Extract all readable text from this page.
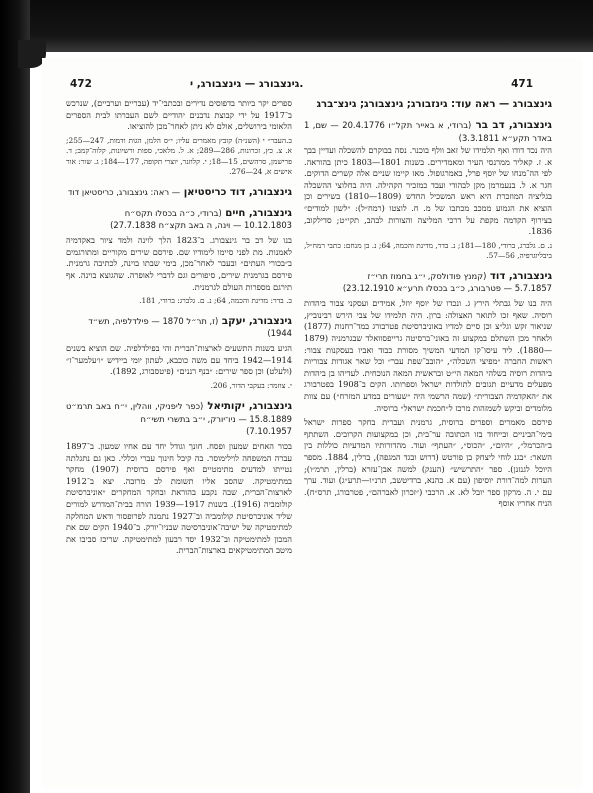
472	גינצבורג — גינצבורג, י.	471
גינצבורג — ראה עוד: גינזבורג; גינצבורג; גינצ־ברג
גינצבורג, דב בר (ברודי, א באייר תקל״ו 20.4.1776 — שם, 1 באדר תקע״א 3.3.1811)

היה נכד דודו ואף תלמידו של זאב וולף בוכנר. נסה בבוקרם להשכלה ועדיין בבך א. ז. קאליר ממרנסי העיר ומאמדירים. בשנות 1801—1803 כיתן בהוראה. לפי הה־מנחו של יוסף פרל, באמרגופול. מאז קיימו שניים אלה קשרים הדוקים. חגר א. ל. בנעמרמן מקן לבהודי ועבד כמזכיר הקהילה. היה בחלוצי ההשכלה בגליציה המוזכרת היא ראש המשכיל החדש (1809—1810) בשירים וכן הוציא את הגמוע ממכב מכתבו של מ. ח. לוצטו (רמח״ל): ״לשון למודים״ בצירוף הקדמה מקפת על דרכי המליצה והצורות לבהב, תקי״ט; סדילקוב, 1836.

נ. ם. גלברג, ברודי, 180—181; נ. בדר, מדינת והכמה, 64; נ. בן מנחם: כתבי רמח״ל, ביבליוגרפיה, 56—57.
גינצבורג, דוד (קמנץ פודולסק, י״ג בחמוז תרי״ז
5.7.1857 — פטרבורג, כ״ב בכסלו תרע״א 23.12.1910)

היה בנו של גבתלי הירץ ג. ונכדו של יוסף יוזל, אמידים ועסקני צבור ביהדות רוסיה. שאף זכו לתואר האצולה: ברון. היה תלמידו של צבי הירש רבינוביץ, שניאור זקש וגל״צ וכן סיים למדיו באוניברסיטת פטרבורג במד־רחנות (1877) ולאחר מכן השתלם במקצוע זה באוני־ברסיטה גרייפסוואלד שבגרמניה (1879—1880). ליד עיסו־קו המדעי המשיך מסורת כבוד ואביו בעסקנות צבור: ראשות החברה ״מפיצי השכלה״, ״הובב־שפת עבר״ וכל שאר אגודות צבוריות ביהדות רוסיה בשלהי המאה הי״ט ובראשית המאה הנוכחית. לעדיהו בן ביהדות מפעלים מדעיים תגובים לתולדות ישראל וספרותו. הקים ב־1908 בפטרבורג את ״האקדמיה הצבורית״ (שמה הרשמי היה ״שעורים במדע המזרח״) עם צוות מלומדים וביקש לשמזהות מרכז ל״חכמת ישראל״ ברוסיה.

פירסם מאמרים וספרים ברוסית, גרמנית ועברית בחקר ספרות ישראל בימי־הביניים ובייחוד בזו הכתובה ער־בית, וכן במקצועות הקרובים. השתתף ב״הכרמל״, ״היום״, ״הכוס״, ״העתף״ ועוד. מהדורותיו המדעיות כוללות בין השאר: ״בגנ לוחי ליצחק בן פורטש (דרוש ובגד המגפה), ברלין, 1884. מספר היוכל לגנזנן). ספר ״התרשיש״ (הענק) למשה אבן־עזרא (ברלין, תרמ״ו); הערות למה־דורת יוסיפון (עם א. כהנא, ברדיטשב, תרנ״ו—תרע״ג) ועוד. ערך עם י. ה. מרקון ספר יובל לא. א. הרכבי (״זכרון לאברהם״, פטרבורג, תרס״ח). הניח אחריו אוסף

ספרים יקר ביותר בדפוסים נדירים ובכתבי־יד (עבריים וערביים), שנרכש ב־1917 על ידי קבוצת נדבנים יהודיים לשם העברתו לבית הספרים הלאומי בירושלים, אולם לא ניתן לאחר־מכן להוציאו.

ב.העבר״ י (השנ״ה) קובץ מאמרים עליו; י״ס הלמן, הגות ודמות, 247—255; א. צ. כץ, זכרונות, 286—289; א. ל. מלאכי, ספות ורשיונות, קלוה־קמב; ד. פרישמן, סרהשים, 15—18; י. קלוזנר, יוצרי תקופה, 177—184; ג. שור: אור אישים א, 24—276.
גינצבורג, דוד כריסטיאן — ראה: גינצבורג, כריסטיאן דוד
גינצבורג, חיים (ברודי, כ״ה בכסלו תקס״ח
10.12.1803 — וינה, ה באב תקצ״ח 27.7.1838)

בנו של דב בר גינצבורג. ב־1823 הלך לוינה ולמד ציור באקדמיה לאמנות. מת לפני סיימו לימודיו שם. פירסם שירים מקוריים ומתורגמים ב״בכורי העתים״ ובעבר לאחר־מכן, בימי שבתו בוינה, לכתיבה גרמנית. פירסם בגרמנית שירים, סיפורים וגם לדברי לאופרה. שהגוצא בוינה. אף תירגם מספרות העולם לגרמנית.

ב. בדר: מדינת והכמה, 64; נ. ם. גלברג: ברודי, 181.
גינצבורג, יעקב (ז, תר״ל 1870 — פילדלפיה, תש״ד
1944)

הגיע בשנות התשעים לארצות־הברית והי בפילדלפיה. שם הוציא בשנים 1914—1942 ביחד עם משה כוכבא, לעתון יומי ביידיש ״ו׳עלמער־ז״ (ולעלט) וכן ספר שירים: ״בנף רננים״ (פיטסבורג, 1892).

י. צוזמר: בעקבי הדור, 206.
גינצבורג, יקותיאל (כפר ליפניקי, ווהלין, י״ח באב תרמ״ט 15.8.1889 — ניו־יורק, י״ב בתשרי תשי״ח
7.10.1957)

בכור האחים שמעון ופסח. חונך וגודל יחד עם אחיו שמעון. ב־1897 עברה המשפחה לוילימוסר. בה קיבל חינוך עברי וכללי. כאן גם נתגלתה נטייתו למדעים מתימטיים ואף פירסם ברוסית (1907) מחקר במתימטיקה. שהסב אליו תשומת לב מרובה. יצא ב־1912 לארצות־הברית, שבה נקבע בהוראת ובחקר המחקרים ״אוניברסיטת קולומביה (1916). בשנות 1917—1939 הורה בבית־המדרש למורים שליד אוניברסיטת קולומביה וב־1927 נתמנה לפרופסור ודאש המחלקה למתימטיקה של ישיבה־אוניברסיטה שבניו־יורק. ב־1940 הקים שם את המכון למתימטיקה וב־1932 יסד רבעון למתימטיקה. שריכז סביבו את מיטב המתימטיקאים בארצות־הברית.
